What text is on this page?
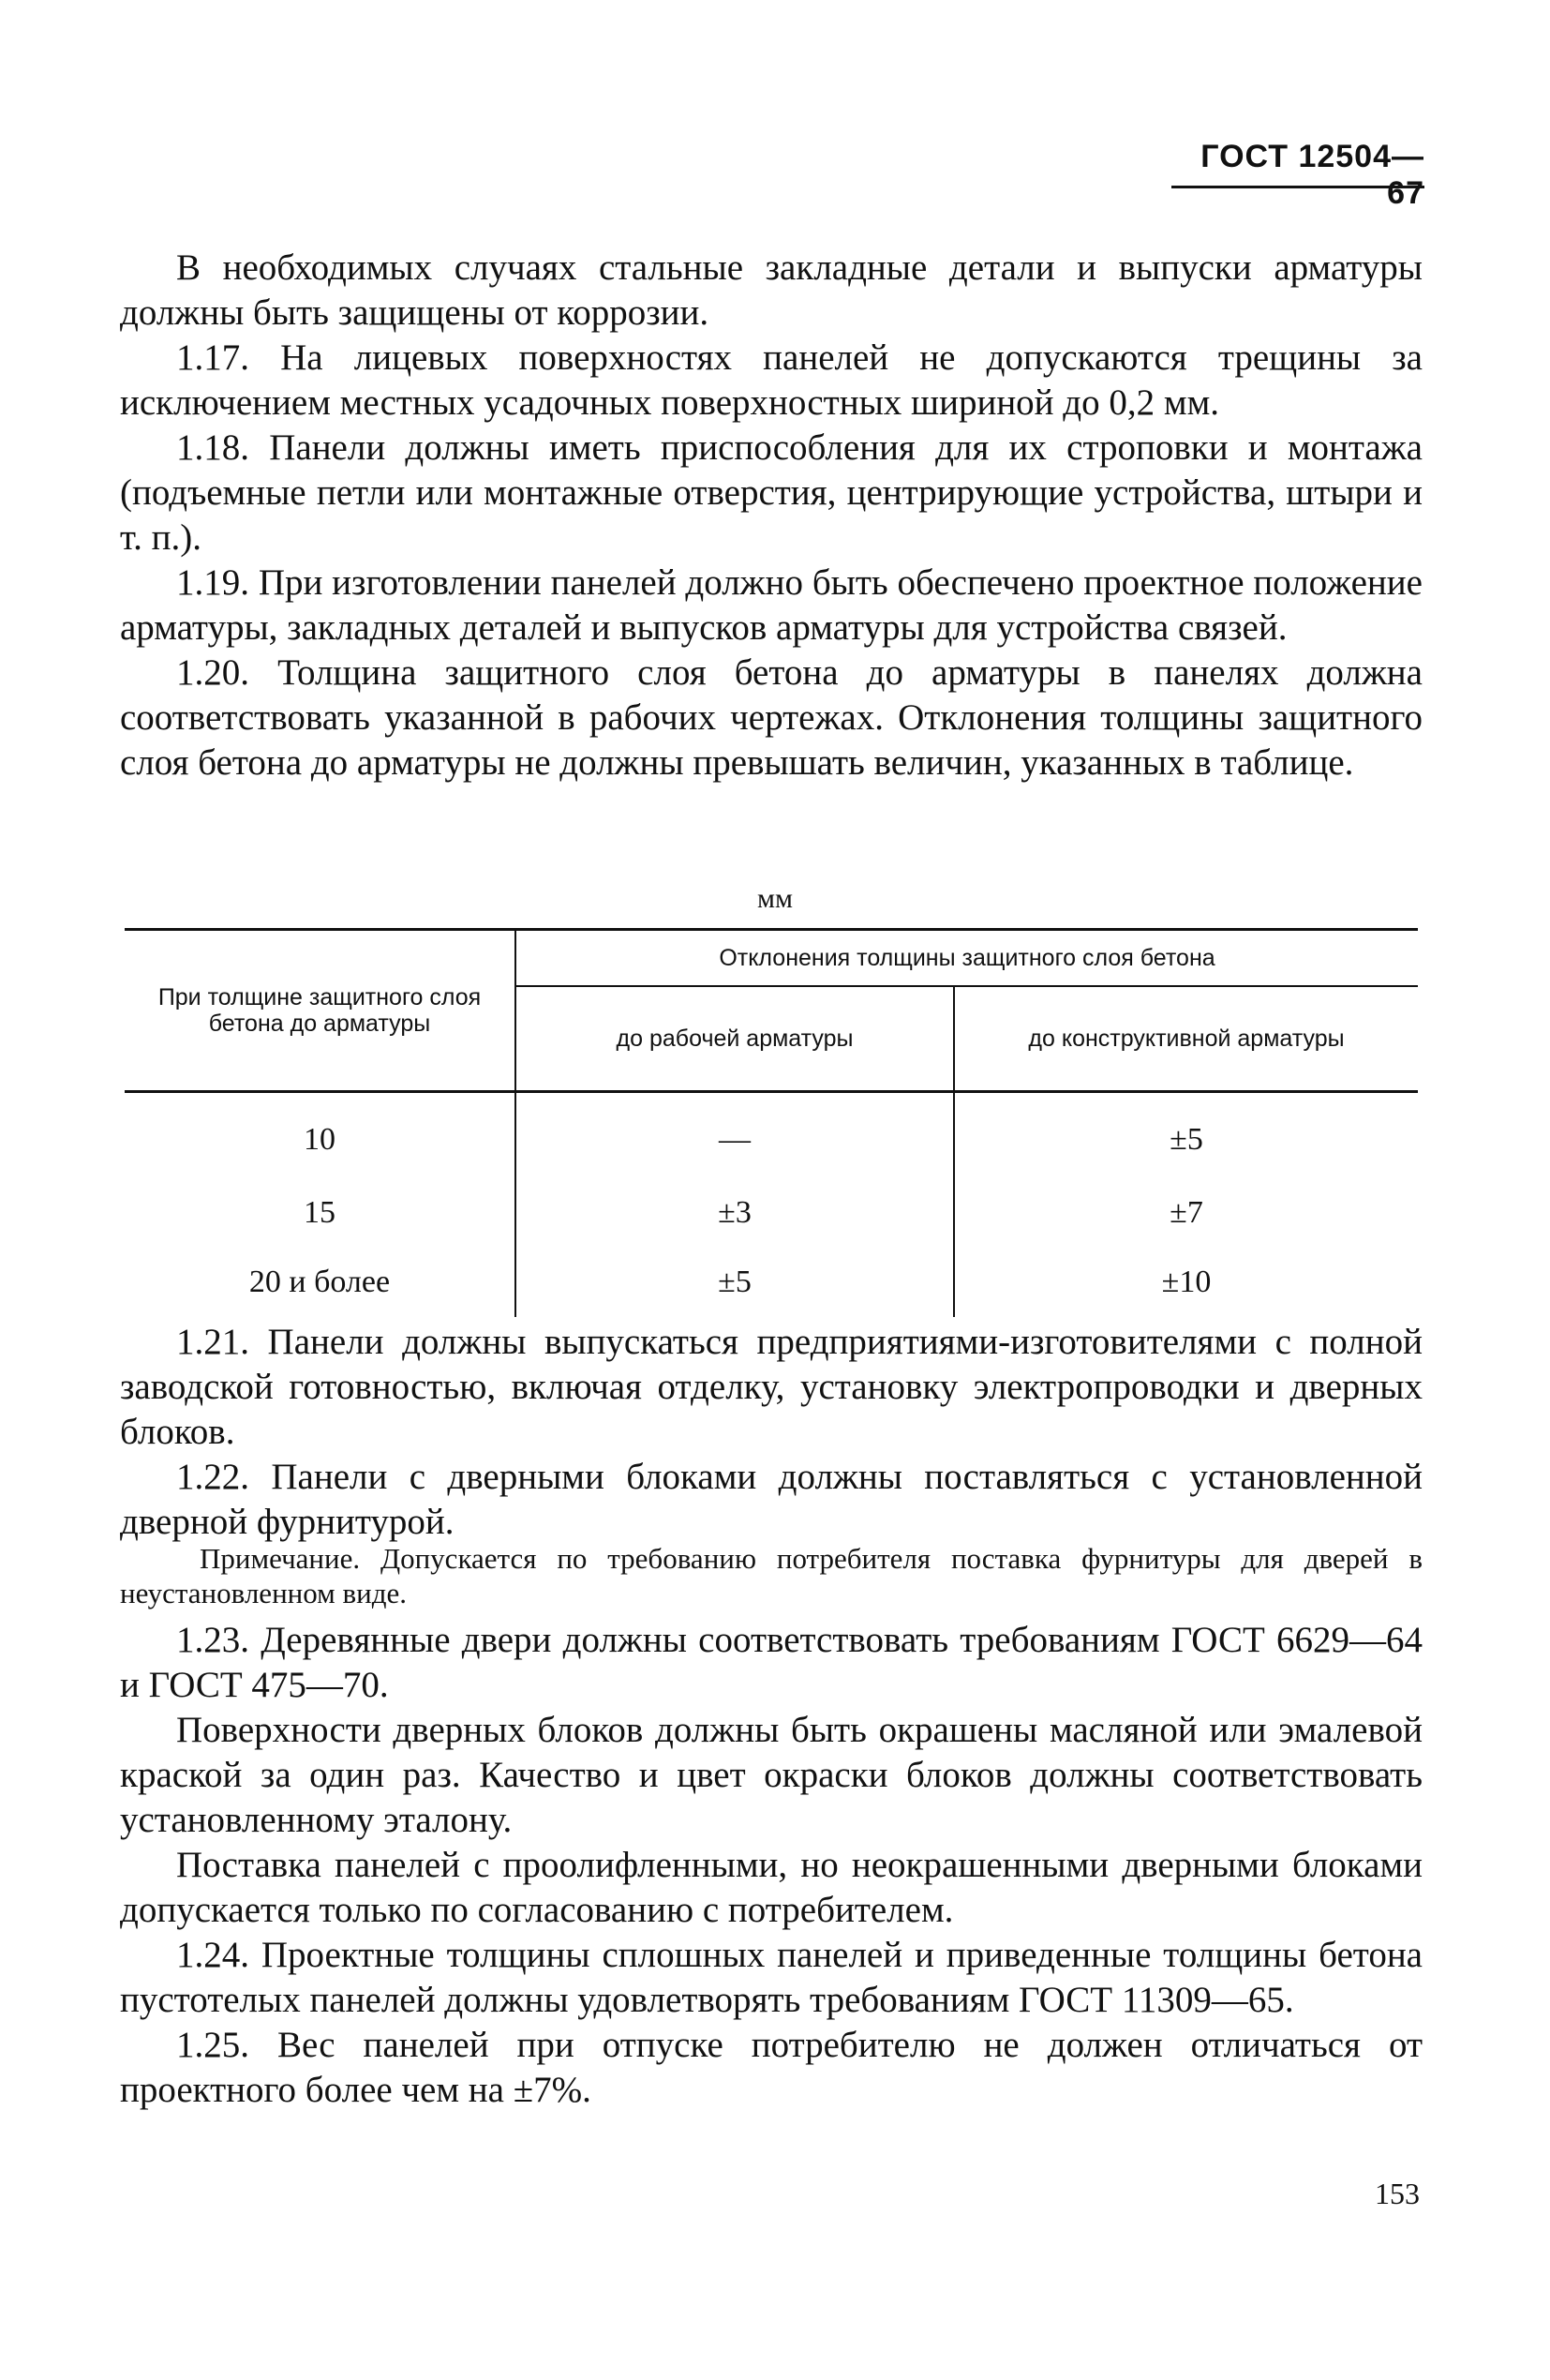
ГОСТ 12504—67

В необходимых случаях стальные закладные детали и выпуски арматуры должны быть защищены от коррозии.

1.17. На лицевых поверхностях панелей не допускаются трещины за исключением местных усадочных поверхностных шириной до 0,2 мм.

1.18. Панели должны иметь приспособления для их строповки и монтажа (подъемные петли или монтажные отверстия, центрирующие устройства, штыри и т. п.).

1.19. При изготовлении панелей должно быть обеспечено проектное положение арматуры, закладных деталей и выпусков арматуры для устройства связей.

1.20. Толщина защитного слоя бетона до арматуры в панелях должна соответствовать указанной в рабочих чертежах. Отклонения толщины защитного слоя бетона до арматуры не должны превышать величин, указанных в таблице.

мм
При толщине защитного слоя бетона до арматуры	Отклонения толщины защитного слоя бетона	
	до рабочей арматуры	до конструктивной арматуры
10	—	±5
15	±3	±7
20 и более	±5	±10

1.21. Панели должны выпускаться предприятиями-изготовителями с полной заводской готовностью, включая отделку, установку электропроводки и дверных блоков.

1.22. Панели с дверными блоками должны поставляться с установленной дверной фурнитурой.

Примечание. Допускается по требованию потребителя поставка фурнитуры для дверей в неустановленном виде.

1.23. Деревянные двери должны соответствовать требованиям ГОСТ 6629—64 и ГОСТ 475—70.

Поверхности дверных блоков должны быть окрашены масляной или эмалевой краской за один раз. Качество и цвет окраски блоков должны соответствовать установленному эталону.

Поставка панелей с проолифленными, но неокрашенными дверными блоками допускается только по согласованию с потребителем.

1.24. Проектные толщины сплошных панелей и приведенные толщины бетона пустотелых панелей должны удовлетворять требованиям ГОСТ 11309—65.

1.25. Вес панелей при отпуске потребителю не должен отличаться от проектного более чем на ±7%.

153
